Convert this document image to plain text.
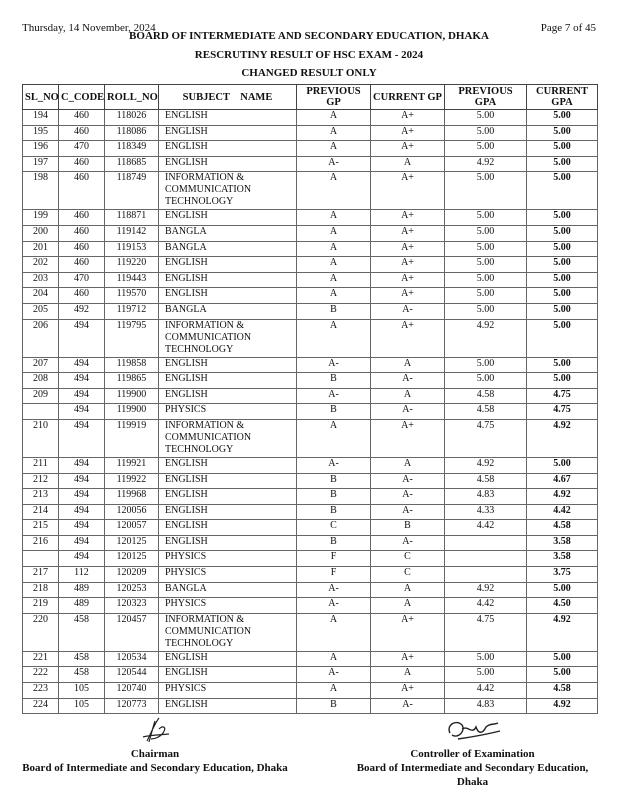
Thursday, 14 November, 2024	Page 7 of 45
BOARD OF INTERMEDIATE AND SECONDARY EDUCATION, DHAKA
RESCRUTINY RESULT OF HSC EXAM - 2024
CHANGED RESULT ONLY
SL_NO	C_CODE	ROLL_NO	SUBJECT    NAME	PREVIOUS GP	CURRENT GP	PREVIOUS GPA	CURRENT GPA
194	460	118026	ENGLISH	A	A+	5.00	5.00
195	460	118086	ENGLISH	A	A+	5.00	5.00
196	470	118349	ENGLISH	A	A+	5.00	5.00
197	460	118685	ENGLISH	A-	A	4.92	5.00
198	460	118749	INFORMATION & COMMUNICATION TECHNOLOGY	A	A+	5.00	5.00
199	460	118871	ENGLISH	A	A+	5.00	5.00
200	460	119142	BANGLA	A	A+	5.00	5.00
201	460	119153	BANGLA	A	A+	5.00	5.00
202	460	119220	ENGLISH	A	A+	5.00	5.00
203	470	119443	ENGLISH	A	A+	5.00	5.00
204	460	119570	ENGLISH	A	A+	5.00	5.00
205	492	119712	BANGLA	B	A-	5.00	5.00
206	494	119795	INFORMATION & COMMUNICATION TECHNOLOGY	A	A+	4.92	5.00
207	494	119858	ENGLISH	A-	A	5.00	5.00
208	494	119865	ENGLISH	B	A-	5.00	5.00
209	494	119900	ENGLISH	A-	A	4.58	4.75
	494	119900	PHYSICS	B	A-	4.58	4.75
210	494	119919	INFORMATION & COMMUNICATION TECHNOLOGY	A	A+	4.75	4.92
211	494	119921	ENGLISH	A-	A	4.92	5.00
212	494	119922	ENGLISH	B	A-	4.58	4.67
213	494	119968	ENGLISH	B	A-	4.83	4.92
214	494	120056	ENGLISH	B	A-	4.33	4.42
215	494	120057	ENGLISH	C	B	4.42	4.58
216	494	120125	ENGLISH	B	A-		3.58
	494	120125	PHYSICS	F	C		3.58
217	112	120209	PHYSICS	F	C		3.75
218	489	120253	BANGLA	A-	A	4.92	5.00
219	489	120323	PHYSICS	A-	A	4.42	4.50
220	458	120457	INFORMATION & COMMUNICATION TECHNOLOGY	A	A+	4.75	4.92
221	458	120534	ENGLISH	A	A+	5.00	5.00
222	458	120544	ENGLISH	A-	A	5.00	5.00
223	105	120740	PHYSICS	A	A+	4.42	4.58
224	105	120773	ENGLISH	B	A-	4.83	4.92
Chairman
Board of Intermediate and Secondary Education, Dhaka
Controller of Examination
Board of Intermediate and Secondary Education, Dhaka
